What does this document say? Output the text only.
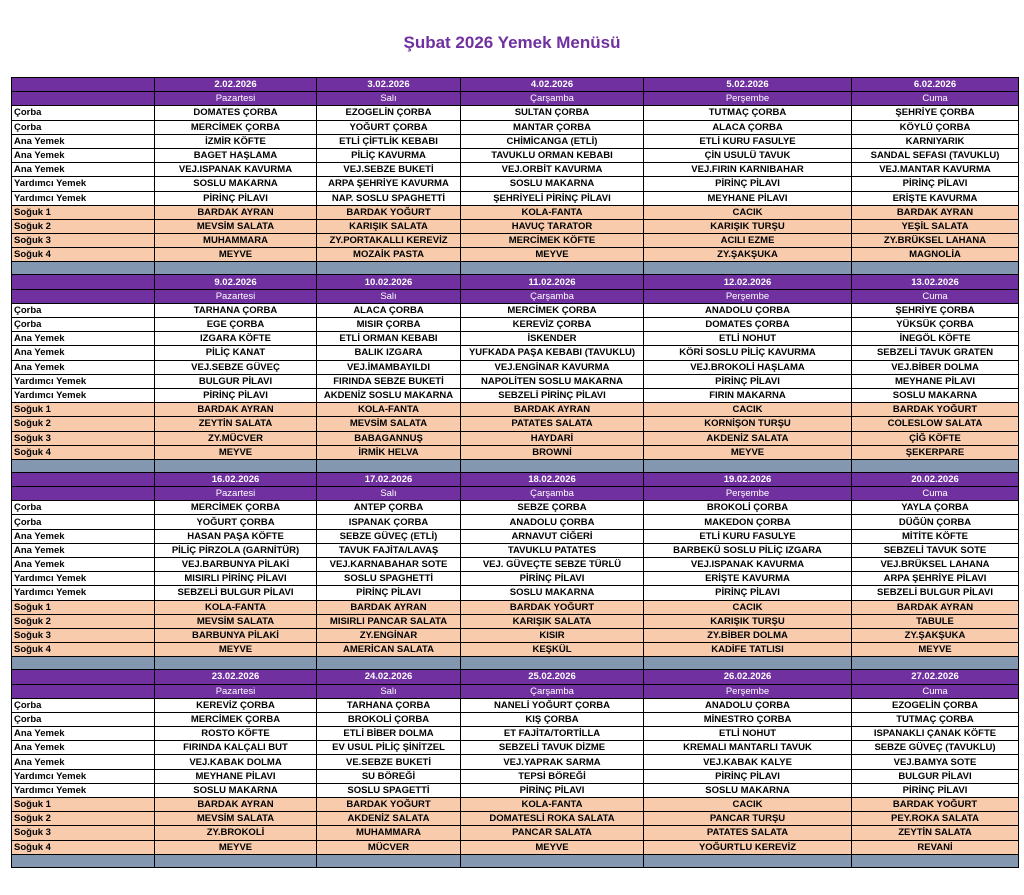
Şubat 2026 Yemek Menüsü
	2.02.2026	3.02.2026	4.02.2026	5.02.2026	6.02.2026
	Pazartesi	Salı	Çarşamba	Perşembe	Cuma
Çorba	DOMATES ÇORBA	EZOGELİN ÇORBA	SULTAN ÇORBA	TUTMAÇ ÇORBA	ŞEHRİYE ÇORBA
Çorba	MERCİMEK ÇORBA	YOĞURT ÇORBA	MANTAR ÇORBA	ALACA ÇORBA	KÖYLÜ ÇORBA
Ana Yemek	İZMİR KÖFTE	ETLİ ÇİFTLİK KEBABI	CHİMİCANGA (ETLİ)	ETLİ KURU FASULYE	KARNIYARIK
Ana Yemek	BAGET HAŞLAMA	PİLİÇ KAVURMA	TAVUKLU ORMAN KEBABI	ÇİN USULÜ TAVUK	SANDAL SEFASI (TAVUKLU)
Ana Yemek	VEJ.ISPANAK KAVURMA	VEJ.SEBZE BUKETİ	VEJ.ORBİT KAVURMA	VEJ.FIRIN KARNIBAHAR	VEJ.MANTAR KAVURMA
Yardımcı Yemek	SOSLU MAKARNA	ARPA ŞEHRİYE KAVURMA	SOSLU MAKARNA	PİRİNÇ PİLAVI	PİRİNÇ PİLAVI
Yardımcı Yemek	PİRİNÇ PİLAVI	NAP. SOSLU SPAGHETTİ	ŞEHRİYELİ PİRİNÇ PİLAVI	MEYHANE PİLAVI	ERİŞTE KAVURMA
Soğuk 1	BARDAK AYRAN	BARDAK YOĞURT	KOLA-FANTA	CACIK	BARDAK AYRAN
Soğuk 2	MEVSİM SALATA	KARIŞIK SALATA	HAVUÇ TARATOR	KARIŞIK TURŞU	YEŞİL SALATA
Soğuk 3	MUHAMMARA	ZY.PORTAKALLI KEREVİZ	MERCİMEK KÖFTE	ACILI EZME	ZY.BRÜKSEL LAHANA
Soğuk 4	MEYVE	MOZAİK PASTA	MEYVE	ZY.ŞAKŞUKA	MAGNOLİA

	9.02.2026	10.02.2026	11.02.2026	12.02.2026	13.02.2026
	Pazartesi	Salı	Çarşamba	Perşembe	Cuma
Çorba	TARHANA ÇORBA	ALACA ÇORBA	MERCİMEK ÇORBA	ANADOLU ÇORBA	ŞEHRİYE ÇORBA
Çorba	EGE ÇORBA	MISIR ÇORBA	KEREVİZ ÇORBA	DOMATES ÇORBA	YÜKSÜK ÇORBA
Ana Yemek	IZGARA KÖFTE	ETLİ ORMAN KEBABI	İSKENDER	ETLİ NOHUT	İNEGÖL KÖFTE
Ana Yemek	PİLİÇ KANAT	BALIK IZGARA	YUFKADA PAŞA KEBABI (TAVUKLU)	KÖRİ SOSLU PİLİÇ KAVURMA	SEBZELİ TAVUK GRATEN
Ana Yemek	VEJ.SEBZE GÜVEÇ	VEJ.İMAMBAYILDI	VEJ.ENGİNAR KAVURMA	VEJ.BROKOLİ HAŞLAMA	VEJ.BİBER DOLMA
Yardımcı Yemek	BULGUR PİLAVI	FIRINDA SEBZE BUKETİ	NAPOLİTEN SOSLU MAKARNA	PİRİNÇ PİLAVI	MEYHANE PİLAVI
Yardımcı Yemek	PİRİNÇ PİLAVI	AKDENİZ SOSLU MAKARNA	SEBZELİ PİRİNÇ PİLAVI	FIRIN MAKARNA	SOSLU MAKARNA
Soğuk 1	BARDAK AYRAN	KOLA-FANTA	BARDAK AYRAN	CACIK	BARDAK YOĞURT
Soğuk 2	ZEYTİN SALATA	MEVSİM SALATA	PATATES SALATA	KORNİŞON TURŞU	COLESLOW SALATA
Soğuk 3	ZY.MÜCVER	BABAGANNUŞ	HAYDARİ	AKDENİZ SALATA	ÇİĞ KÖFTE
Soğuk 4	MEYVE	İRMİK HELVA	BROWNİ	MEYVE	ŞEKERPARE

	16.02.2026	17.02.2026	18.02.2026	19.02.2026	20.02.2026
	Pazartesi	Salı	Çarşamba	Perşembe	Cuma
Çorba	MERCİMEK ÇORBA	ANTEP ÇORBA	SEBZE ÇORBA	BROKOLİ ÇORBA	YAYLA ÇORBA
Çorba	YOĞURT ÇORBA	ISPANAK ÇORBA	ANADOLU ÇORBA	MAKEDON ÇORBA	DÜĞÜN ÇORBA
Ana Yemek	HASAN PAŞA KÖFTE	SEBZE GÜVEÇ (ETLİ)	ARNAVUT CİĞERİ	ETLİ KURU FASULYE	MİTİTE KÖFTE
Ana Yemek	PİLİÇ PİRZOLA (GARNİTÜR)	TAVUK FAJİTA/LAVAŞ	TAVUKLU PATATES	BARBEKÜ SOSLU PİLİÇ IZGARA	SEBZELİ TAVUK SOTE
Ana Yemek	VEJ.BARBUNYA PİLAKİ	VEJ.KARNABAHAR SOTE	VEJ. GÜVEÇTE SEBZE TÜRLÜ	VEJ.ISPANAK KAVURMA	VEJ.BRÜKSEL LAHANA
Yardımcı Yemek	MISIRLI PİRİNÇ PİLAVI	SOSLU SPAGHETTİ	PİRİNÇ PİLAVI	ERİŞTE KAVURMA	ARPA ŞEHRİYE PİLAVI
Yardımcı Yemek	SEBZELİ BULGUR PİLAVI	PİRİNÇ PİLAVI	SOSLU MAKARNA	PİRİNÇ PİLAVI	SEBZELİ BULGUR PİLAVI
Soğuk 1	KOLA-FANTA	BARDAK AYRAN	BARDAK YOĞURT	CACIK	BARDAK AYRAN
Soğuk 2	MEVSİM SALATA	MISIRLI PANCAR SALATA	KARIŞIK SALATA	KARIŞIK TURŞU	TABULE
Soğuk 3	BARBUNYA PİLAKİ	ZY.ENGİNAR	KISIR	ZY.BİBER DOLMA	ZY.ŞAKŞUKA
Soğuk 4	MEYVE	AMERİCAN SALATA	KEŞKÜL	KADİFE TATLISI	MEYVE

	23.02.2026	24.02.2026	25.02.2026	26.02.2026	27.02.2026
	Pazartesi	Salı	Çarşamba	Perşembe	Cuma
Çorba	KEREVİZ ÇORBA	TARHANA ÇORBA	NANELİ YOĞURT ÇORBA	ANADOLU ÇORBA	EZOGELİN ÇORBA
Çorba	MERCİMEK ÇORBA	BROKOLİ ÇORBA	KIŞ ÇORBA	MİNESTRO ÇORBA	TUTMAÇ ÇORBA
Ana Yemek	ROSTO KÖFTE	ETLİ BİBER DOLMA	ET FAJİTA/TORTİLLA	ETLİ NOHUT	ISPANAKLI ÇANAK KÖFTE
Ana Yemek	FIRINDA KALÇALI BUT	EV USUL PİLİÇ ŞİNİTZEL	SEBZELİ TAVUK DİZME	KREMALI MANTARLI TAVUK	SEBZE GÜVEÇ (TAVUKLU)
Ana Yemek	VEJ.KABAK DOLMA	VE.SEBZE BUKETİ	VEJ.YAPRAK SARMA	VEJ.KABAK KALYE	VEJ.BAMYA SOTE
Yardımcı Yemek	MEYHANE PİLAVI	SU BÖREĞİ	TEPSİ BÖREĞİ	PİRİNÇ PİLAVI	BULGUR PİLAVI
Yardımcı Yemek	SOSLU MAKARNA	SOSLU SPAGETTİ	PİRİNÇ PİLAVI	SOSLU MAKARNA	PİRİNÇ PİLAVI
Soğuk 1	BARDAK AYRAN	BARDAK YOĞURT	KOLA-FANTA	CACIK	BARDAK YOĞURT
Soğuk 2	MEVSİM SALATA	AKDENİZ SALATA	DOMATESLİ ROKA SALATA	PANCAR TURŞU	PEY.ROKA SALATA
Soğuk 3	ZY.BROKOLİ	MUHAMMARA	PANCAR SALATA	PATATES SALATA	ZEYTİN SALATA
Soğuk 4	MEYVE	MÜCVER	MEYVE	YOĞURTLU KEREVİZ	REVANİ
